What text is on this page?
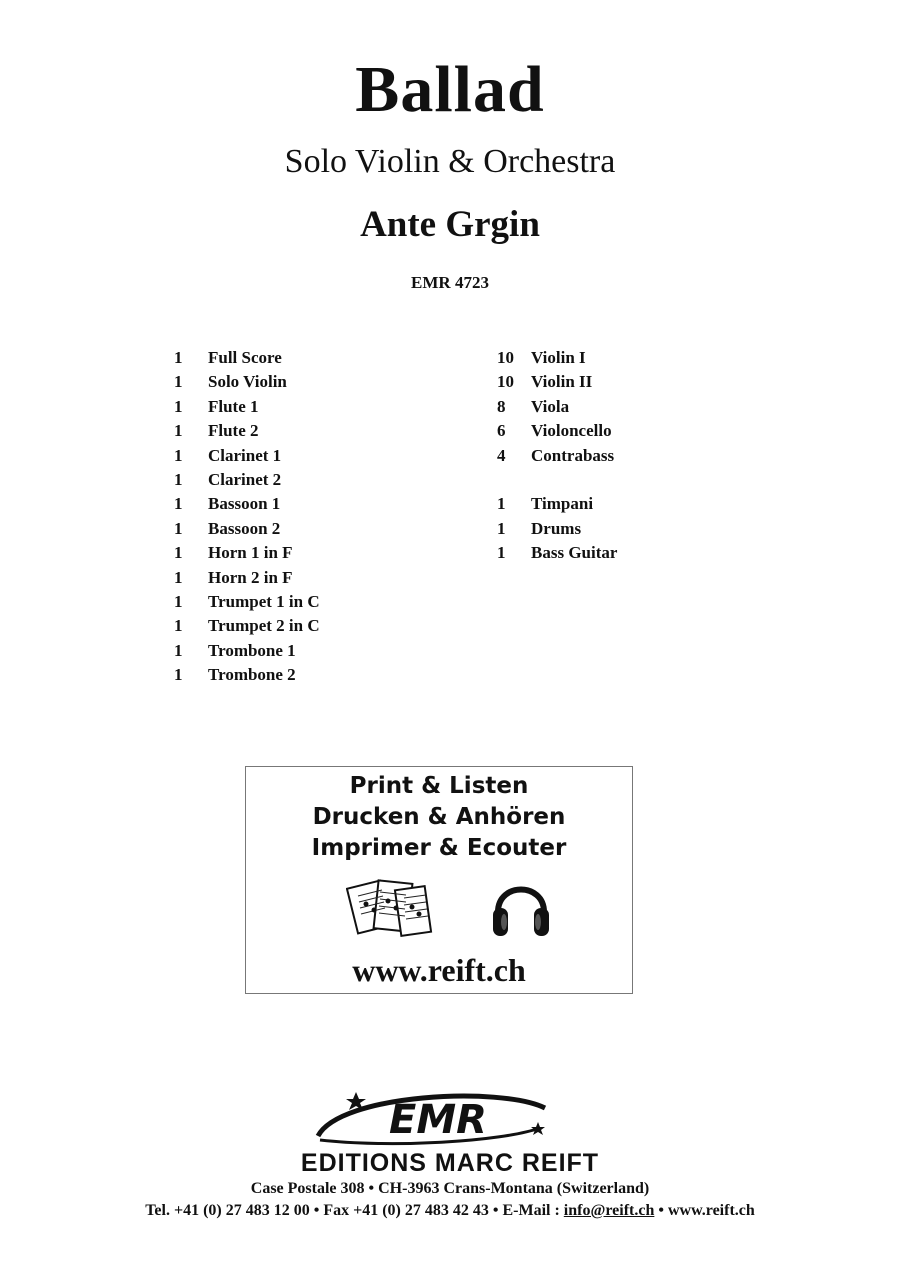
Ballad
Solo Violin & Orchestra
Ante Grgin
EMR 4723
1 Full Score
1 Solo Violin
1 Flute 1
1 Flute 2
1 Clarinet 1
1 Clarinet 2
1 Bassoon 1
1 Bassoon 2
1 Horn 1 in F
1 Horn 2 in F
1 Trumpet 1 in C
1 Trumpet 2 in C
1 Trombone 1
1 Trombone 2
10 Violin I
10 Violin II
8 Viola
6 Violoncello
4 Contrabass
1 Timpani
1 Drums
1 Bass Guitar
Print & Listen
Drucken & Anhören
Imprimer & Ecouter
www.reift.ch
EMR
EDITIONS MARC REIFT
Case Postale 308 • CH-3963 Crans-Montana (Switzerland)
Tel. +41 (0) 27 483 12 00 • Fax +41 (0) 27 483 42 43 • E-Mail : info@reift.ch • www.reift.ch
